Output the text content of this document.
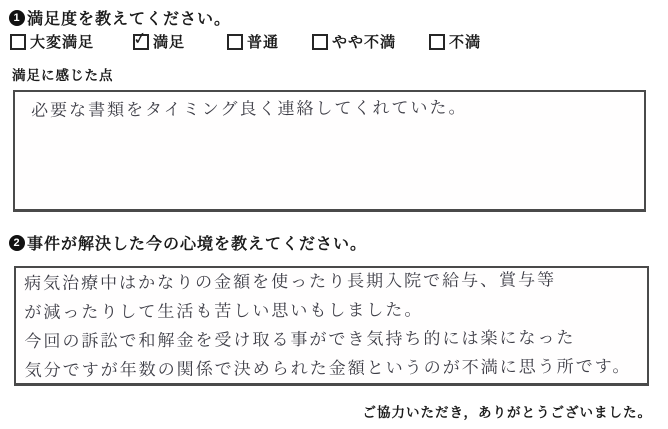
1 満足度を教えてください。
大変満足 ✓	満足	普通	やや不満	不満
満足に感じた点
必要な書類をタイミング良く連絡してくれていた。
2 事件が解決した今の心境を教えてください。
病気治療中はかなりの金額を使ったり長期入院で給与、賞与等
が減ったりして生活も苦しい思いもしました。
今回の訴訟で和解金を受け取る事ができ気持ち的には楽になった
気分ですが年数の関係で決められた金額というのが不満に思う所です。
ご協力いただき，ありがとうございました。
